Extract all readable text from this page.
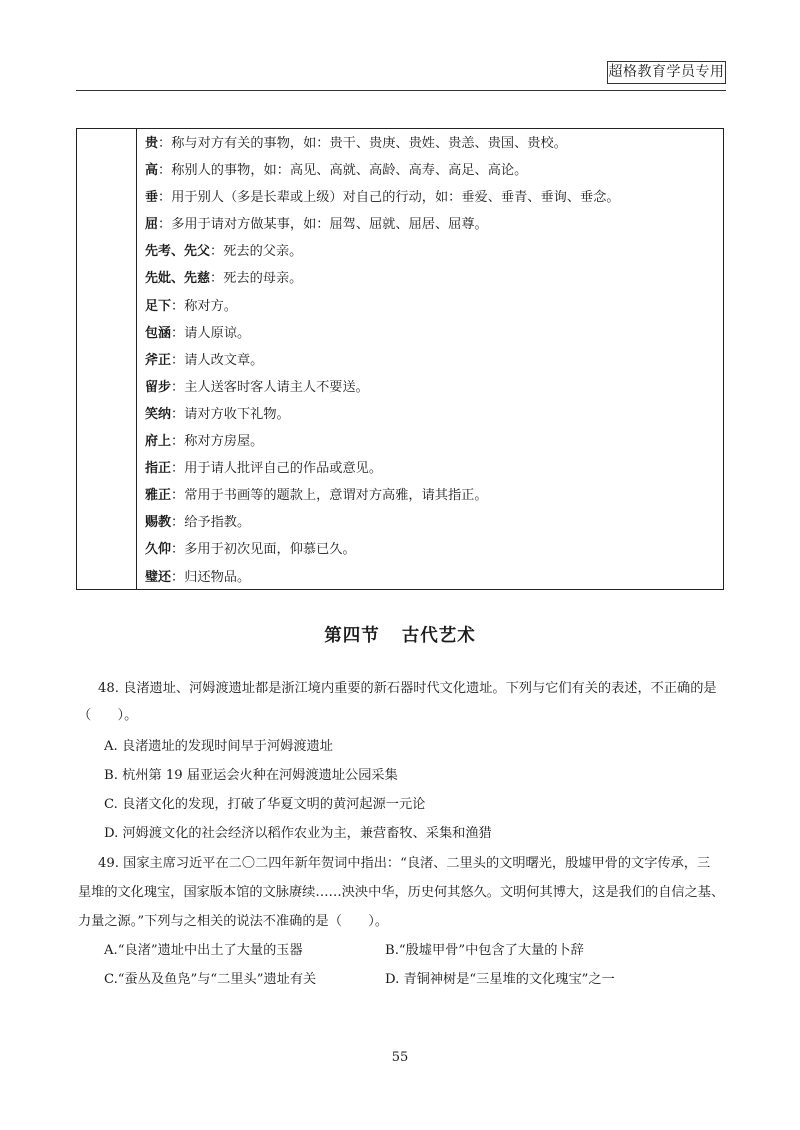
超格教育学员专用
贵：称与对方有关的事物，如：贵干、贵庚、贵姓、贵恙、贵国、贵校。
高：称别人的事物，如：高见、高就、高龄、高寿、高足、高论。
垂：用于别人（多是长辈或上级）对自己的行动，如：垂爱、垂青、垂询、垂念。
屈：多用于请对方做某事，如：屈驾、屈就、屈居、屈尊。
先考、先父：死去的父亲。
先妣、先慈：死去的母亲。
足下：称对方。
包涵：请人原谅。
斧正：请人改文章。
留步：主人送客时客人请主人不要送。
笑纳：请对方收下礼物。
府上：称对方房屋。
指正：用于请人批评自己的作品或意见。
雅正：常用于书画等的题款上，意谓对方高雅，请其指正。
赐教：给予指教。
久仰：多用于初次见面，仰慕已久。
璧还：归还物品。
第四节 古代艺术
48. 良渚遗址、河姆渡遗址都是浙江境内重要的新石器时代文化遗址。下列与它们有关的表述，不正确的是
（　　）。
A. 良渚遗址的发现时间早于河姆渡遗址
B. 杭州第 19 届亚运会火种在河姆渡遗址公园采集
C. 良渚文化的发现，打破了华夏文明的黄河起源一元论
D. 河姆渡文化的社会经济以稻作农业为主，兼营畜牧、采集和渔猎
49. 国家主席习近平在二〇二四年新年贺词中指出：“良渚、二里头的文明曙光，殷墟甲骨的文字传承，三
星堆的文化瑰宝，国家版本馆的文脉赓续……泱泱中华，历史何其悠久。文明何其博大，这是我们的自信之基、
力量之源。”下列与之相关的说法不准确的是（　　）。
A.“良渚”遗址中出土了大量的玉器	B.“殷墟甲骨”中包含了大量的卜辞
C.“蚕丛及鱼凫”与“二里头”遗址有关	D. 青铜神树是“三星堆的文化瑰宝”之一
55
